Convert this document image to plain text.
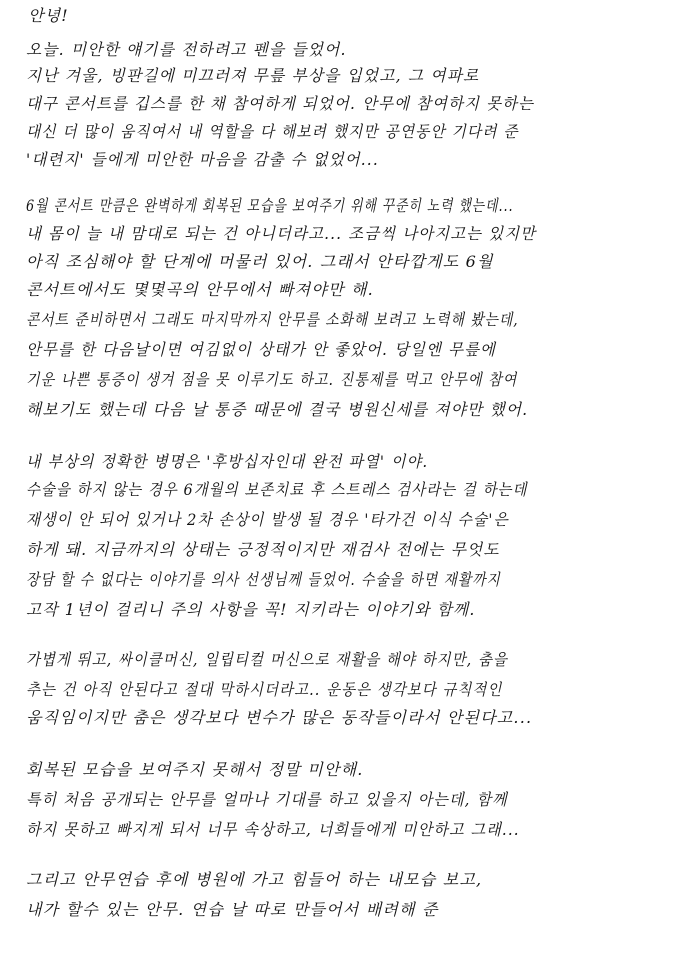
안녕!
오늘. 미안한 얘기를 전하려고 펜을 들었어.
지난 겨울, 빙판길에 미끄러져 무릎 부상을 입었고, 그 여파로
대구 콘서트를 깁스를 한 채 참여하게 되었어. 안무에 참여하지 못하는
대신 더 많이 움직여서 내 역할을 다 해보려 했지만 공연동안 기다려 준
'대련지' 들에게 미안한 마음을 감출 수 없었어...
6월 콘서트 만큼은 완벽하게 회복된 모습을 보여주기 위해 꾸준히 노력 했는데...
내 몸이 늘 내 맘대로 되는 건 아니더라고... 조금씩 나아지고는 있지만
아직 조심해야 할 단계에 머물러 있어. 그래서 안타깝게도 6월
콘서트에서도 몇몇곡의 안무에서 빠져야만 해.
콘서트 준비하면서 그래도 마지막까지 안무를 소화해 보려고 노력해 봤는데,
안무를 한 다음날이면 여김없이 상태가 안 좋았어. 당일엔 무릎에
기운 나쁜 통증이 생겨 점을 못 이루기도 하고. 진통제를 먹고 안무에 참여
해보기도 했는데 다음 날 통증 때문에 결국 병원신세를 져야만 했어.
내 부상의 정확한 병명은 '후방십자인대 완전 파열' 이야.
수술을 하지 않는 경우 6개월의 보존치료 후 스트레스 검사라는 걸 하는데
재생이 안 되어 있거나 2차 손상이 발생 될 경우 '타가건 이식 수술'은
하게 돼. 지금까지의 상태는 긍정적이지만 재검사 전에는 무엇도
장담 할 수 없다는 이야기를 의사 선생님께 들었어. 수술을 하면 재활까지
고작 1년이 걸리니 주의 사항을 꼭! 지키라는 이야기와 함께.
가볍게 뛰고, 싸이클머신, 일립티컬 머신으로 재활을 해야 하지만, 춤을
추는 건 아직 안된다고 절대 막하시더라고.. 운동은 생각보다 규칙적인
움직임이지만 춤은 생각보다 변수가 많은 동작들이라서 안된다고...
회복된 모습을 보여주지 못해서 정말 미안해.
특히 처음 공개되는 안무를 얼마나 기대를 하고 있을지 아는데, 함께
하지 못하고 빠지게 되서 너무 속상하고, 너희들에게 미안하고 그래...
그리고 안무연습 후에 병원에 가고 힘들어 하는 내모습 보고,
내가 할수 있는 안무. 연습 날 따로 만들어서 배려해 준
